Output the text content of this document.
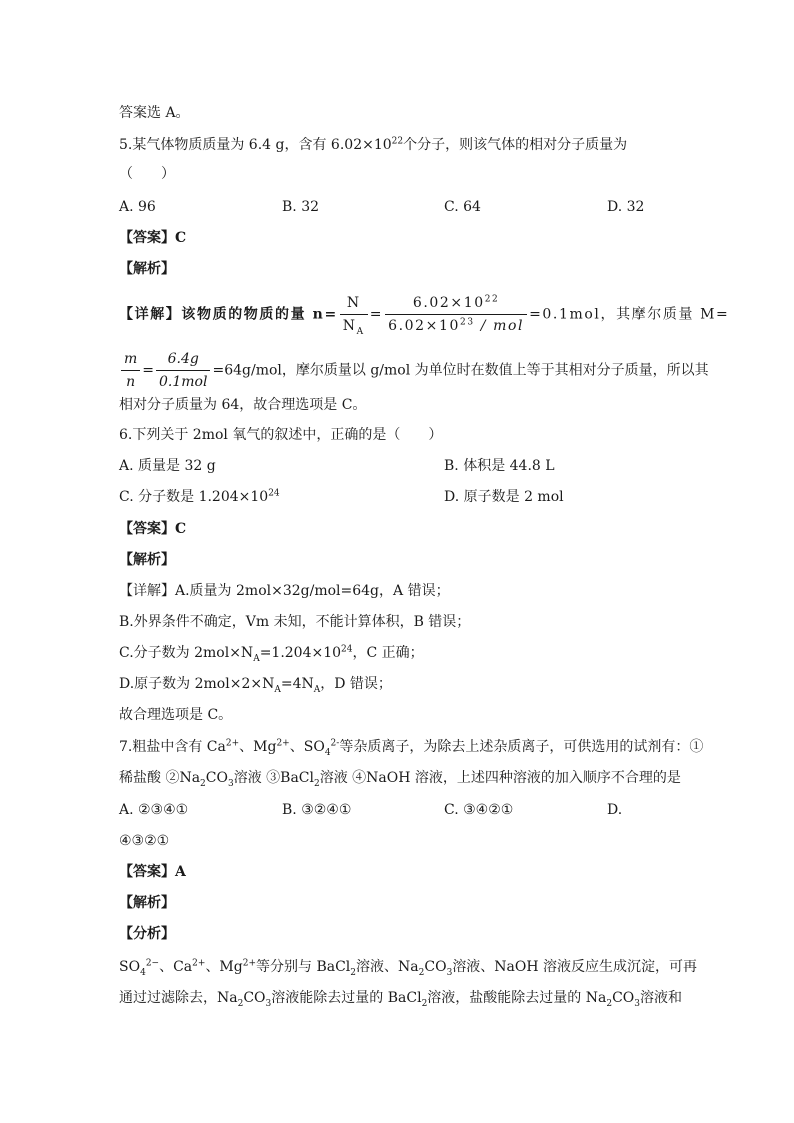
答案选 A。
5.某气体物质质量为 6.4 g，含有 $6.02\times 10^{22}$个分子，则该气体的相对分子质量为
（　　）
A. 96	B. 32	C. 64	D. 32
【答案】C
【解析】
【详解】该物质的物质的量 $n= \frac{N}{N_A} = \frac{6.02\times 10^{22}}{6.02\times 10^{23} / mol} =0.1mol$，其摩尔质量 M=
$\frac{m}{n} = \frac{6.4g}{\text{0.1mol}} =64g/mol$，摩尔质量以 g/mol 为单位时在数值上等于其相对分子质量，所以其
相对分子质量为 64，故合理选项是 C。
6.下列关于 2mol 氧气的叙述中，正确的是（　　）
A. 质量是 32 g	B. 体积是 44.8 L
C. 分子数是 $1.204\times 10^{24}$	D. 原子数是 2 mol
【答案】C
【解析】
【详解】A.质量为 2mol×32g/mol=64g，A 错误；
B.外界条件不确定，Vm 未知，不能计算体积，B 错误；
C.分子数为 $2mol\times N_A=1.204\times 10^{24}$，C 正确；
D.原子数为 $2mol\times 2\times N_A=4N_A$，D 错误；
故合理选项是 C。
7.粗盐中含有 $Ca^{2+}$、$Mg^{2+}$、$SO_4^{2-}$等杂质离子，为除去上述杂质离子，可供选用的试剂有：①
稀盐酸 $②Na_2CO_3$溶液 ③BaCl$_2$溶液 ④NaOH 溶液，上述四种溶液的加入顺序不合理的是
A. ②③④①	B. ③②④①	C. ③④②①	D.
④③②①
【答案】A
【解析】
【分析】
$SO_4^{2-}$、$Ca^{2+}$、$Mg^{2+}$等分别与 BaCl$_2$溶液、$Na_2CO_3$溶液、NaOH 溶液反应生成沉淀，可再
通过过滤除去，$Na_2CO_3$溶液能除去过量的 BaCl$_2$溶液，盐酸能除去过量的 $Na_2CO_3$溶液和
